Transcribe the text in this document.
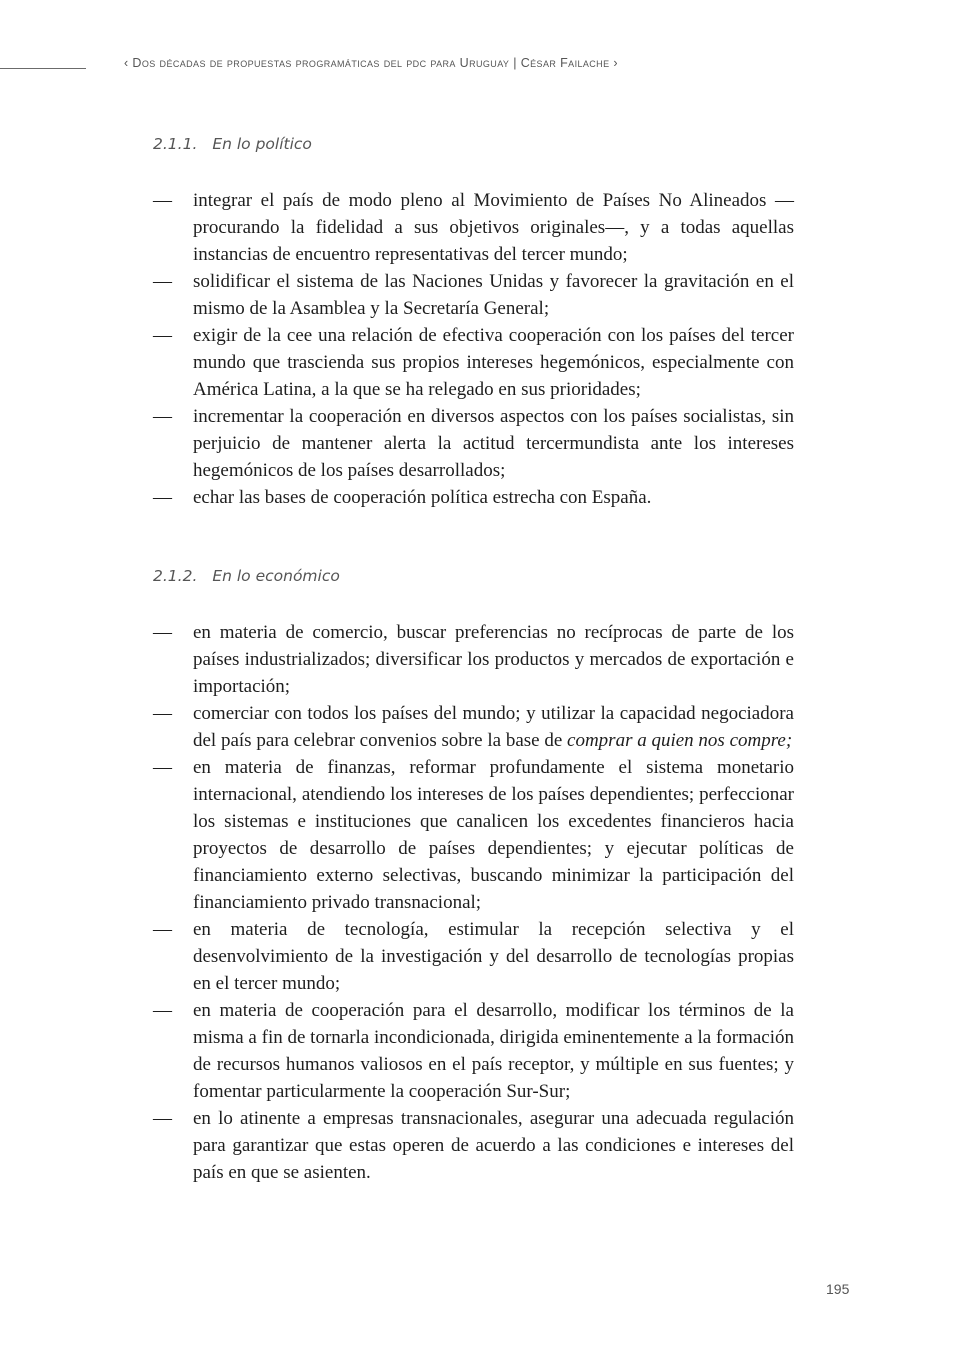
‹ Dos décadas de propuestas programáticas del pdc para Uruguay | César Failache ›
2.1.1. En lo político
— integrar el país de modo pleno al Movimiento de Países No Alineados —procurando la fidelidad a sus objetivos originales—, y a todas aquellas instancias de encuentro representativas del tercer mundo;
— solidificar el sistema de las Naciones Unidas y favorecer la gravitación en el mismo de la Asamblea y la Secretaría General;
— exigir de la cee una relación de efectiva cooperación con los países del tercer mundo que trascienda sus propios intereses hegemónicos, especialmente con América Latina, a la que se ha relegado en sus prioridades;
— incrementar la cooperación en diversos aspectos con los países socialistas, sin perjuicio de mantener alerta la actitud tercermundista ante los intereses hegemónicos de los países desarrollados;
— echar las bases de cooperación política estrecha con España.
2.1.2. En lo económico
— en materia de comercio, buscar preferencias no recíprocas de parte de los países industrializados; diversificar los productos y mercados de exportación e importación;
— comerciar con todos los países del mundo; y utilizar la capacidad negociadora del país para celebrar convenios sobre la base de comprar a quien nos compre;
— en materia de finanzas, reformar profundamente el sistema monetario internacional, atendiendo los intereses de los países dependientes; perfeccionar los sistemas e instituciones que canalicen los excedentes financieros hacia proyectos de desarrollo de países dependientes; y ejecutar políticas de financiamiento externo selectivas, buscando minimizar la participación del financiamiento privado transnacional;
— en materia de tecnología, estimular la recepción selectiva y el desenvolvimiento de la investigación y del desarrollo de tecnologías propias en el tercer mundo;
— en materia de cooperación para el desarrollo, modificar los términos de la misma a fin de tornarla incondicionada, dirigida eminentemente a la formación de recursos humanos valiosos en el país receptor, y múltiple en sus fuentes; y fomentar particularmente la cooperación Sur-Sur;
— en lo atinente a empresas transnacionales, asegurar una adecuada regulación para garantizar que estas operen de acuerdo a las condiciones e intereses del país en que se asienten.
195
